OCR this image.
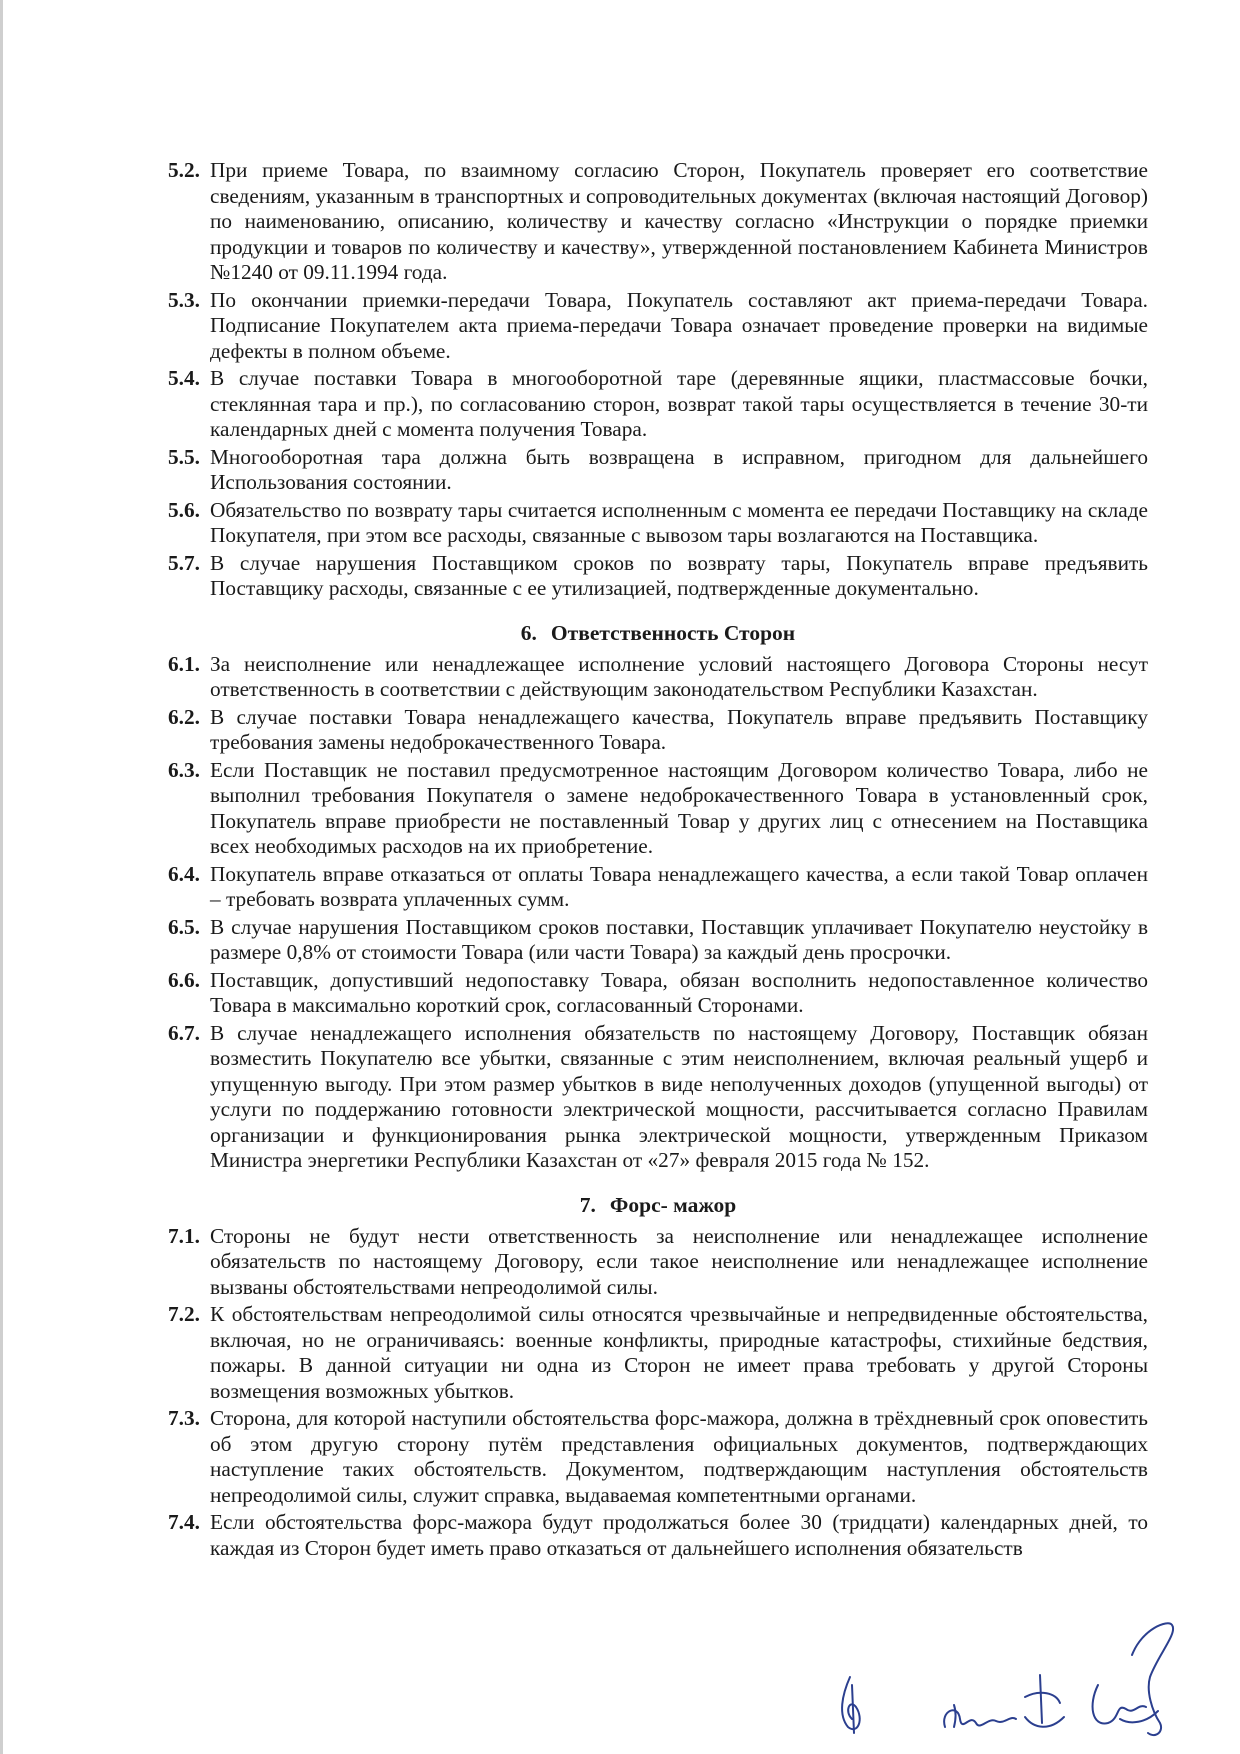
5.2. При приеме Товара, по взаимному согласию Сторон, Покупатель проверяет его соответствие сведениям, указанным в транспортных и сопроводительных документах (включая настоящий Договор) по наименованию, описанию, количеству и качеству согласно «Инструкции о порядке приемки продукции и товаров по количеству и качеству», утвержденной постановлением Кабинета Министров №1240 от 09.11.1994 года.
5.3. По окончании приемки-передачи Товара, Покупатель составляют акт приема-передачи Товара. Подписание Покупателем акта приема-передачи Товара означает проведение проверки на видимые дефекты в полном объеме.
5.4. В случае поставки Товара в многооборотной таре (деревянные ящики, пластмассовые бочки, стеклянная тара и пр.), по согласованию сторон, возврат такой тары осуществляется в течение 30-ти календарных дней с момента получения Товара.
5.5. Многооборотная тара должна быть возвращена в исправном, пригодном для дальнейшего Использования состоянии.
5.6. Обязательство по возврату тары считается исполненным с момента ее передачи Поставщику на складе Покупателя, при этом все расходы, связанные с вывозом тары возлагаются на Поставщика.
5.7. В случае нарушения Поставщиком сроков по возврату тары, Покупатель вправе предъявить Поставщику расходы, связанные с ее утилизацией, подтвержденные документально.
6. Ответственность Сторон
6.1. За неисполнение или ненадлежащее исполнение условий настоящего Договора Стороны несут ответственность в соответствии с действующим законодательством Республики Казахстан.
6.2. В случае поставки Товара ненадлежащего качества, Покупатель вправе предъявить Поставщику требования замены недоброкачественного Товара.
6.3. Если Поставщик не поставил предусмотренное настоящим Договором количество Товара, либо не выполнил требования Покупателя о замене недоброкачественного Товара в установленный срок, Покупатель вправе приобрести не поставленный Товар у других лиц с отнесением на Поставщика всех необходимых расходов на их приобретение.
6.4. Покупатель вправе отказаться от оплаты Товара ненадлежащего качества, а если такой Товар оплачен – требовать возврата уплаченных сумм.
6.5. В случае нарушения Поставщиком сроков поставки, Поставщик уплачивает Покупателю неустойку в размере 0,8% от стоимости Товара (или части Товара) за каждый день просрочки.
6.6. Поставщик, допустивший недопоставку Товара, обязан восполнить недопоставленное количество Товара в максимально короткий срок, согласованный Сторонами.
6.7. В случае ненадлежащего исполнения обязательств по настоящему Договору, Поставщик обязан возместить Покупателю все убытки, связанные с этим неисполнением, включая реальный ущерб и упущенную выгоду. При этом размер убытков в виде неполученных доходов (упущенной выгоды) от услуги по поддержанию готовности электрической мощности, рассчитывается согласно Правилам организации и функционирования рынка электрической мощности, утвержденным Приказом Министра энергетики Республики Казахстан от «27» февраля 2015 года № 152.
7. Форс- мажор
7.1. Стороны не будут нести ответственность за неисполнение или ненадлежащее исполнение обязательств по настоящему Договору, если такое неисполнение или ненадлежащее исполнение вызваны обстоятельствами непреодолимой силы.
7.2. К обстоятельствам непреодолимой силы относятся чрезвычайные и непредвиденные обстоятельства, включая, но не ограничиваясь: военные конфликты, природные катастрофы, стихийные бедствия, пожары. В данной ситуации ни одна из Сторон не имеет права требовать у другой Стороны возмещения возможных убытков.
7.3. Сторона, для которой наступили обстоятельства форс-мажора, должна в трёхдневный срок оповестить об этом другую сторону путём представления официальных документов, подтверждающих наступление таких обстоятельств. Документом, подтверждающим наступления обстоятельств непреодолимой силы, служит справка, выдаваемая компетентными органами.
7.4. Если обстоятельства форс-мажора будут продолжаться более 30 (тридцати) календарных дней, то каждая из Сторон будет иметь право отказаться от дальнейшего исполнения обязательств
